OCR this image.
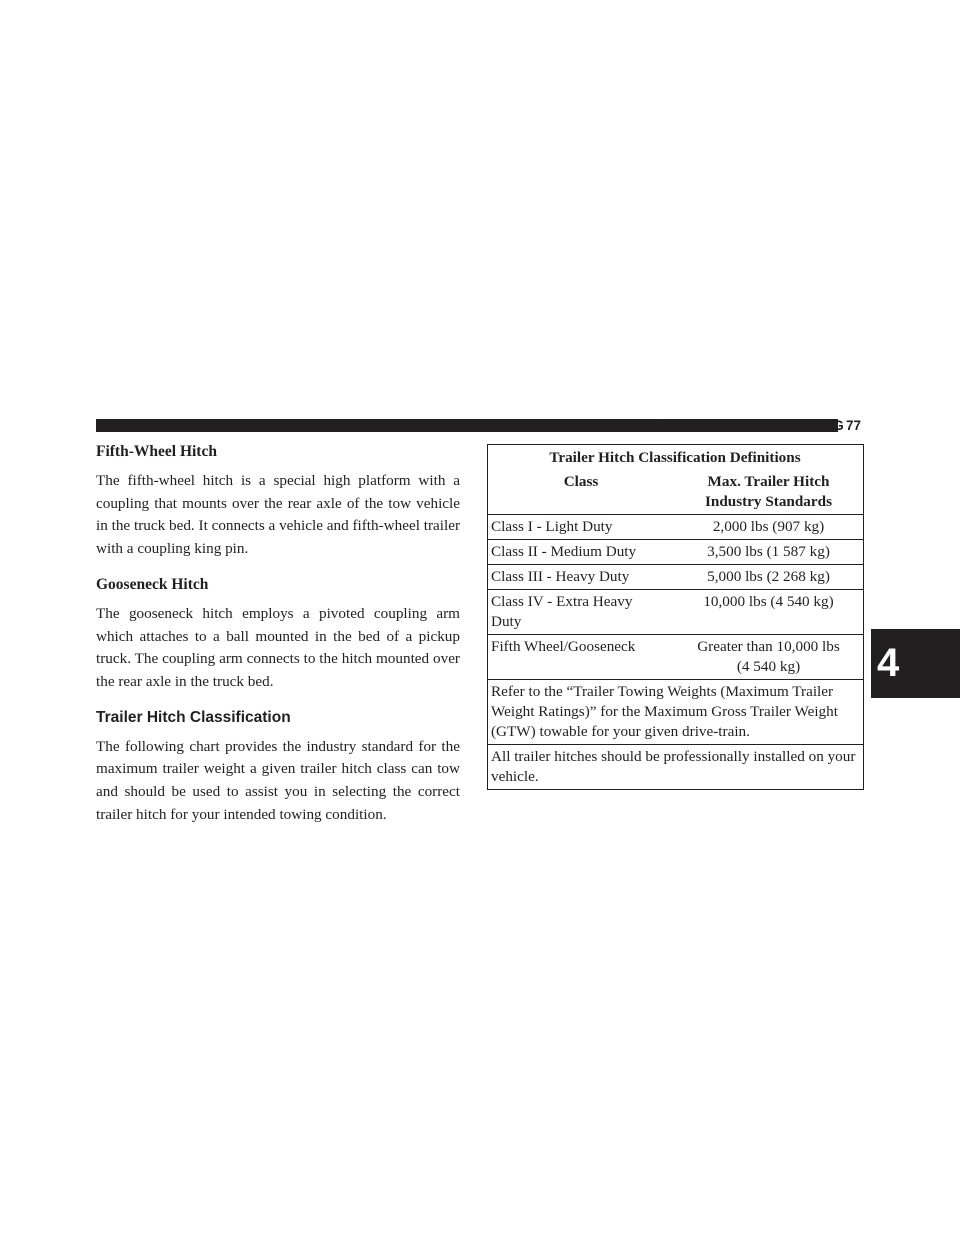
STARTING AND OPERATING 77
4

Fifth-Wheel Hitch

The fifth-wheel hitch is a special high platform with a coupling that mounts over the rear axle of the tow vehicle in the truck bed. It connects a vehicle and fifth-wheel trailer with a coupling king pin.

Gooseneck Hitch

The gooseneck hitch employs a pivoted coupling arm which attaches to a ball mounted in the bed of a pickup truck. The coupling arm connects to the hitch mounted over the rear axle in the truck bed.

Trailer Hitch Classification

The following chart provides the industry standard for the maximum trailer weight a given trailer hitch class can tow and should be used to assist you in selecting the correct trailer hitch for your intended towing condition.

Trailer Hitch Classification Definitions	
Class	Max. Trailer Hitch
Industry Standards
Class I - Light Duty	2,000 lbs (907 kg)
Class II - Medium Duty	3,500 lbs (1 587 kg)
Class III - Heavy Duty	5,000 lbs (2 268 kg)
Class IV - Extra Heavy Duty	10,000 lbs (4 540 kg)
Fifth Wheel/Gooseneck	Greater than 10,000 lbs
(4 540 kg)
Refer to the “Trailer Towing Weights (Maximum Trailer Weight Ratings)” for the Maximum Gross Trailer Weight (GTW) towable for your given drive-train.	
All trailer hitches should be professionally installed on your vehicle.	
